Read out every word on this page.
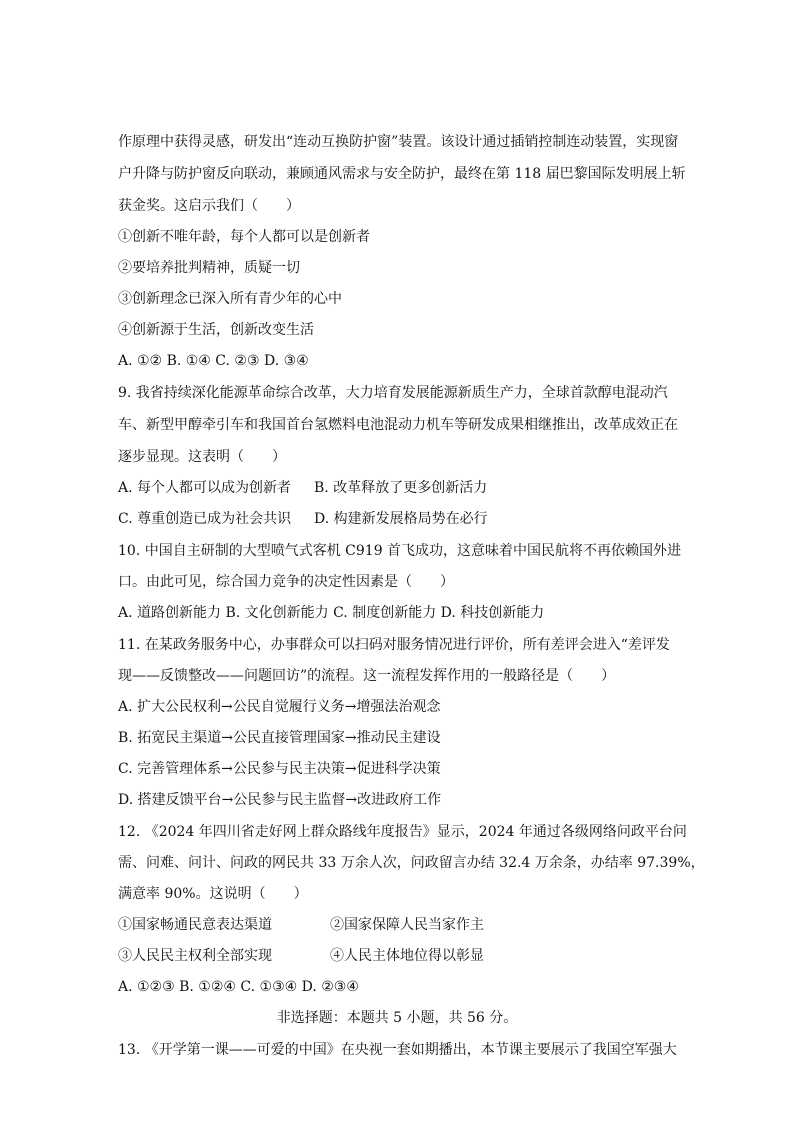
作原理中获得灵感，研发出“连动互换防护窗”装置。该设计通过插销控制连动装置，实现窗
户升降与防护窗反向联动，兼顾通风需求与安全防护，最终在第 118 届巴黎国际发明展上斩
获金奖。这启示我们（　　）
①创新不唯年龄，每个人都可以是创新者
②要培养批判精神，质疑一切
③创新理念已深入所有青少年的心中
④创新源于生活，创新改变生活
A. ①② B. ①④ C. ②③ D. ③④
9. 我省持续深化能源革命综合改革，大力培育发展能源新质生产力，全球首款醇电混动汽
车、新型甲醇牵引车和我国首台氢燃料电池混动力机车等研发成果相继推出，改革成效正在
逐步显现。这表明（　　）
A. 每个人都可以成为创新者 B. 改革释放了更多创新活力
C. 尊重创造已成为社会共识 D. 构建新发展格局势在必行
10. 中国自主研制的大型喷气式客机 C919 首飞成功，这意味着中国民航将不再依赖国外进
口。由此可见，综合国力竞争的决定性因素是（　　）
A. 道路创新能力 B. 文化创新能力 C. 制度创新能力 D. 科技创新能力
11. 在某政务服务中心，办事群众可以扫码对服务情况进行评价，所有差评会进入“差评发
现——反馈整改——问题回访”的流程。这一流程发挥作用的一般路径是（　　）
A. 扩大公民权利→公民自觉履行义务→增强法治观念
B. 拓宽民主渠道→公民直接管理国家→推动民主建设
C. 完善管理体系→公民参与民主决策→促进科学决策
D. 搭建反馈平台→公民参与民主监督→改进政府工作
12. 《2024 年四川省走好网上群众路线年度报告》显示，2024 年通过各级网络问政平台问
需、问难、问计、问政的网民共 33 万余人次，问政留言办结 32.4 万余条，办结率 97.39%，
满意率 90%。这说明（　　）
①国家畅通民意表达渠道	②国家保障人民当家作主
③人民民主权利全部实现	④人民主体地位得以彰显
A. ①②③ B. ①②④ C. ①③④ D. ②③④
非选择题：本题共 5 小题，共 56 分。
13. 《开学第一课——可爱的中国》在央视一套如期播出，本节课主要展示了我国空军强大
